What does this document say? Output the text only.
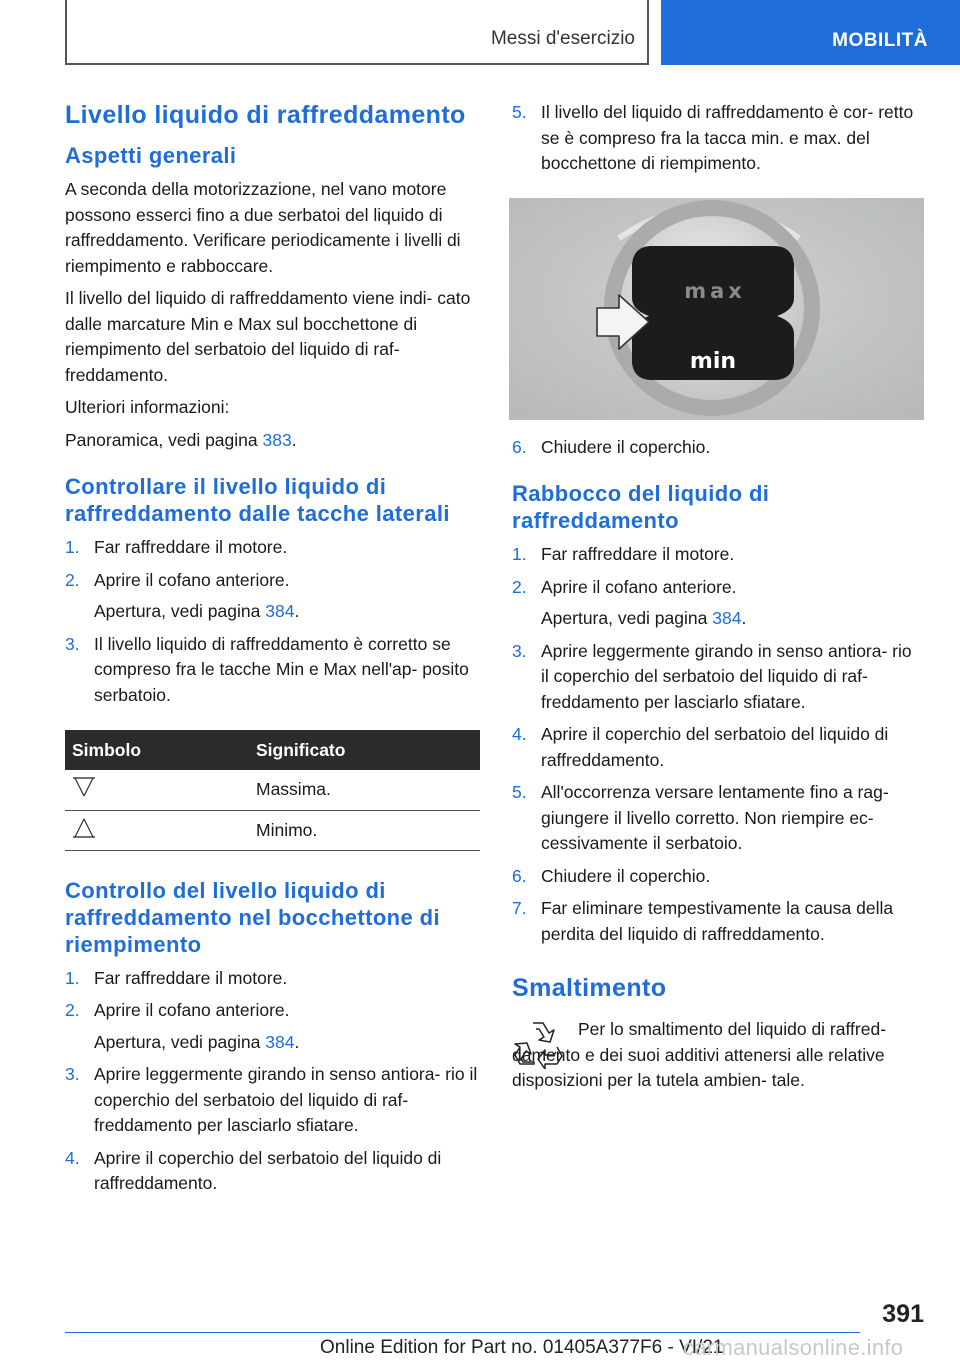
Messi d'esercizio	MOBILITÀ
Livello liquido di raffreddamento
Aspetti generali

A seconda della motorizzazione, nel vano motore possono esserci fino a due serbatoi del liquido di raffreddamento. Verificare periodicamente i livelli di riempimento e rabboccare.

Il livello del liquido di raffreddamento viene indi- cato dalle marcature Min e Max sul bocchettone di riempimento del serbatoio del liquido di raf- freddamento.

Ulteriori informazioni:

Panoramica, vedi pagina 383.

Controllare il livello liquido di raffreddamento dalle tacche laterali
1. Far raffreddare il motore.
2. Aprire il cofano anteriore.
Apertura, vedi pagina 384.
3. Il livello liquido di raffreddamento è corretto se compreso fra le tacche Min e Max nell'ap- posito serbatoio.
Simbolo	Significato
	Massima.
	Minimo.
Controllo del livello liquido di raffreddamento nel bocchettone di riempimento
1. Far raffreddare il motore.
2. Aprire il cofano anteriore.
Apertura, vedi pagina 384.
3. Aprire leggermente girando in senso antiora- rio il coperchio del serbatoio del liquido di raf- freddamento per lasciarlo sfiatare.
4. Aprire il coperchio del serbatoio del liquido di raffreddamento.
5. Il livello del liquido di raffreddamento è cor- retto se è compreso fra la tacca min. e max. del bocchettone di riempimento.
max
min
6. Chiudere il coperchio.
Rabbocco del liquido di raffreddamento
1. Far raffreddare il motore.
2. Aprire il cofano anteriore.
Apertura, vedi pagina 384.
3. Aprire leggermente girando in senso antiora- rio il coperchio del serbatoio del liquido di raf- freddamento per lasciarlo sfiatare.
4. Aprire il coperchio del serbatoio del liquido di raffreddamento.
5. All'occorrenza versare lentamente fino a rag- giungere il livello corretto. Non riempire ec- cessivamente il serbatoio.
6. Chiudere il coperchio.
7. Far eliminare tempestivamente la causa della perdita del liquido di raffreddamento.
Smaltimento

Per lo smaltimento del liquido di raffred- damento e dei suoi additivi attenersi alle relative disposizioni per la tutela ambien- tale.

391
Online Edition for Part no. 01405A377F6 - VI/21
carmanualsonline.info
